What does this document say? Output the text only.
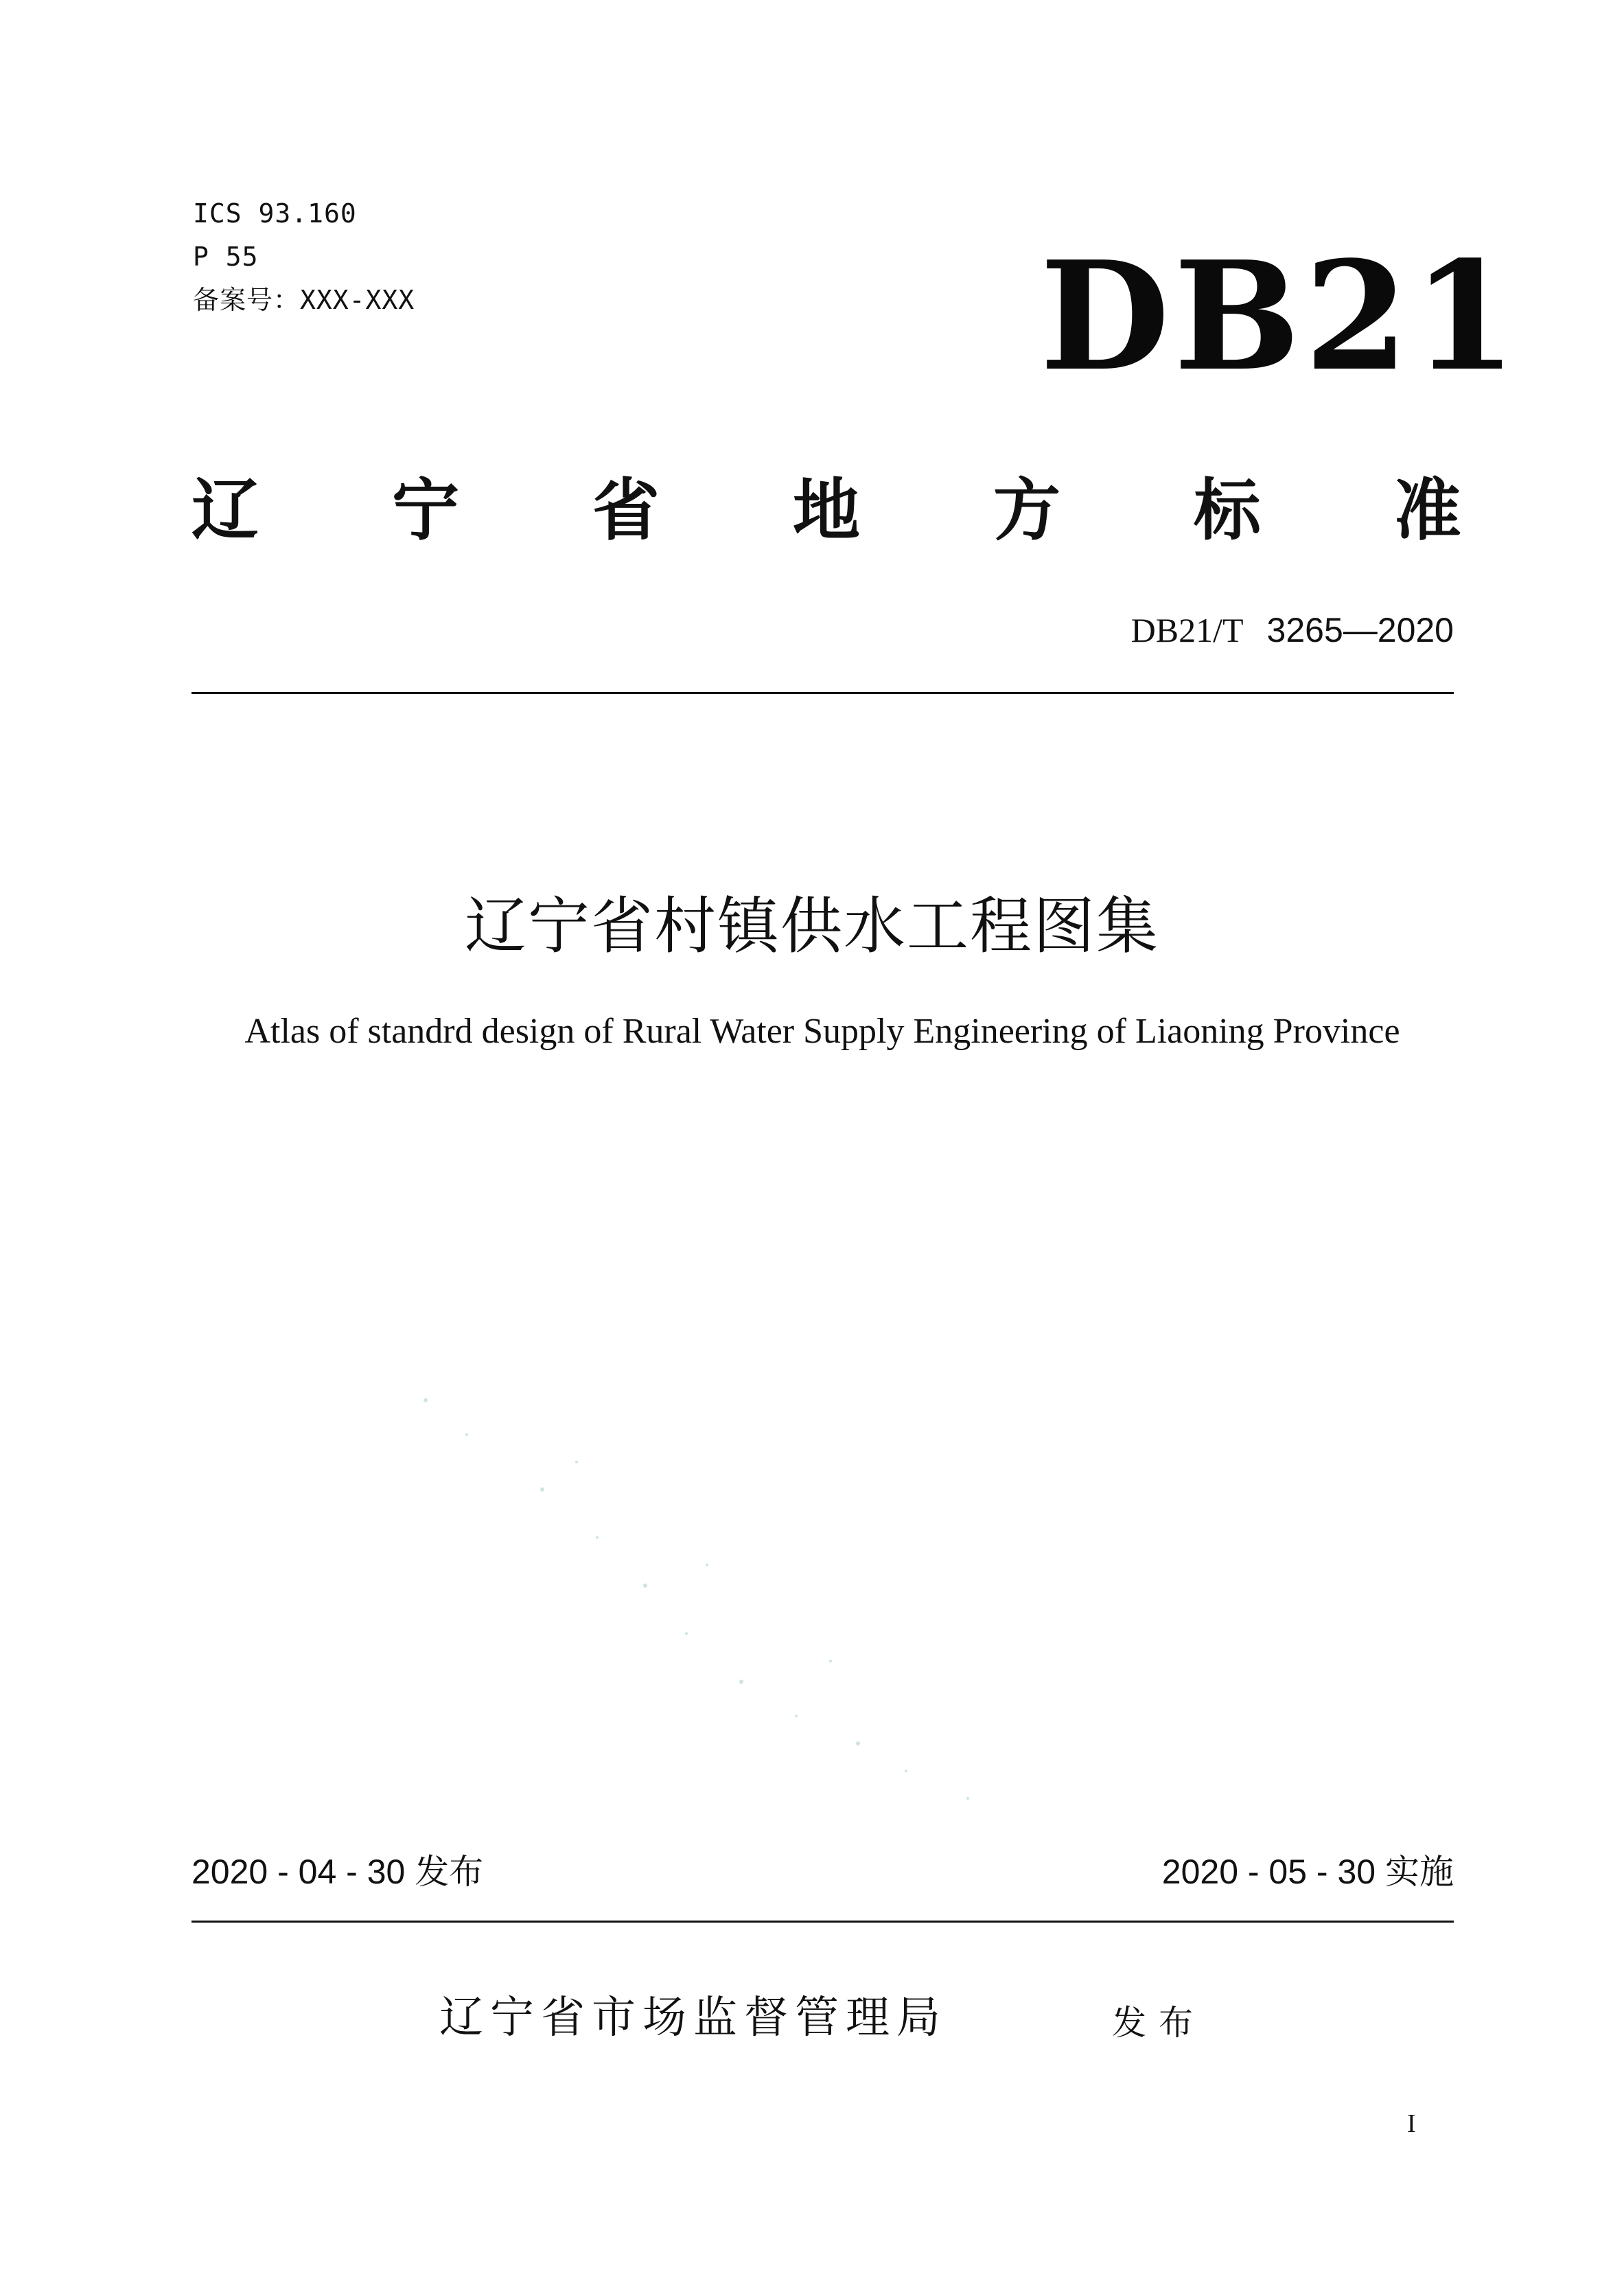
ICS 93.160
P 55
备案号：XXX-XXX	DB21
辽 宁 省 地 方 标 准
DB21/T 3265—2020
辽宁省村镇供水工程图集
Atlas of standrd design of Rural Water Supply Engineering of Liaoning Province
2020 - 04 - 30 发布	2020 - 05 - 30 实施
辽宁省市场监督管理局	发布
I
